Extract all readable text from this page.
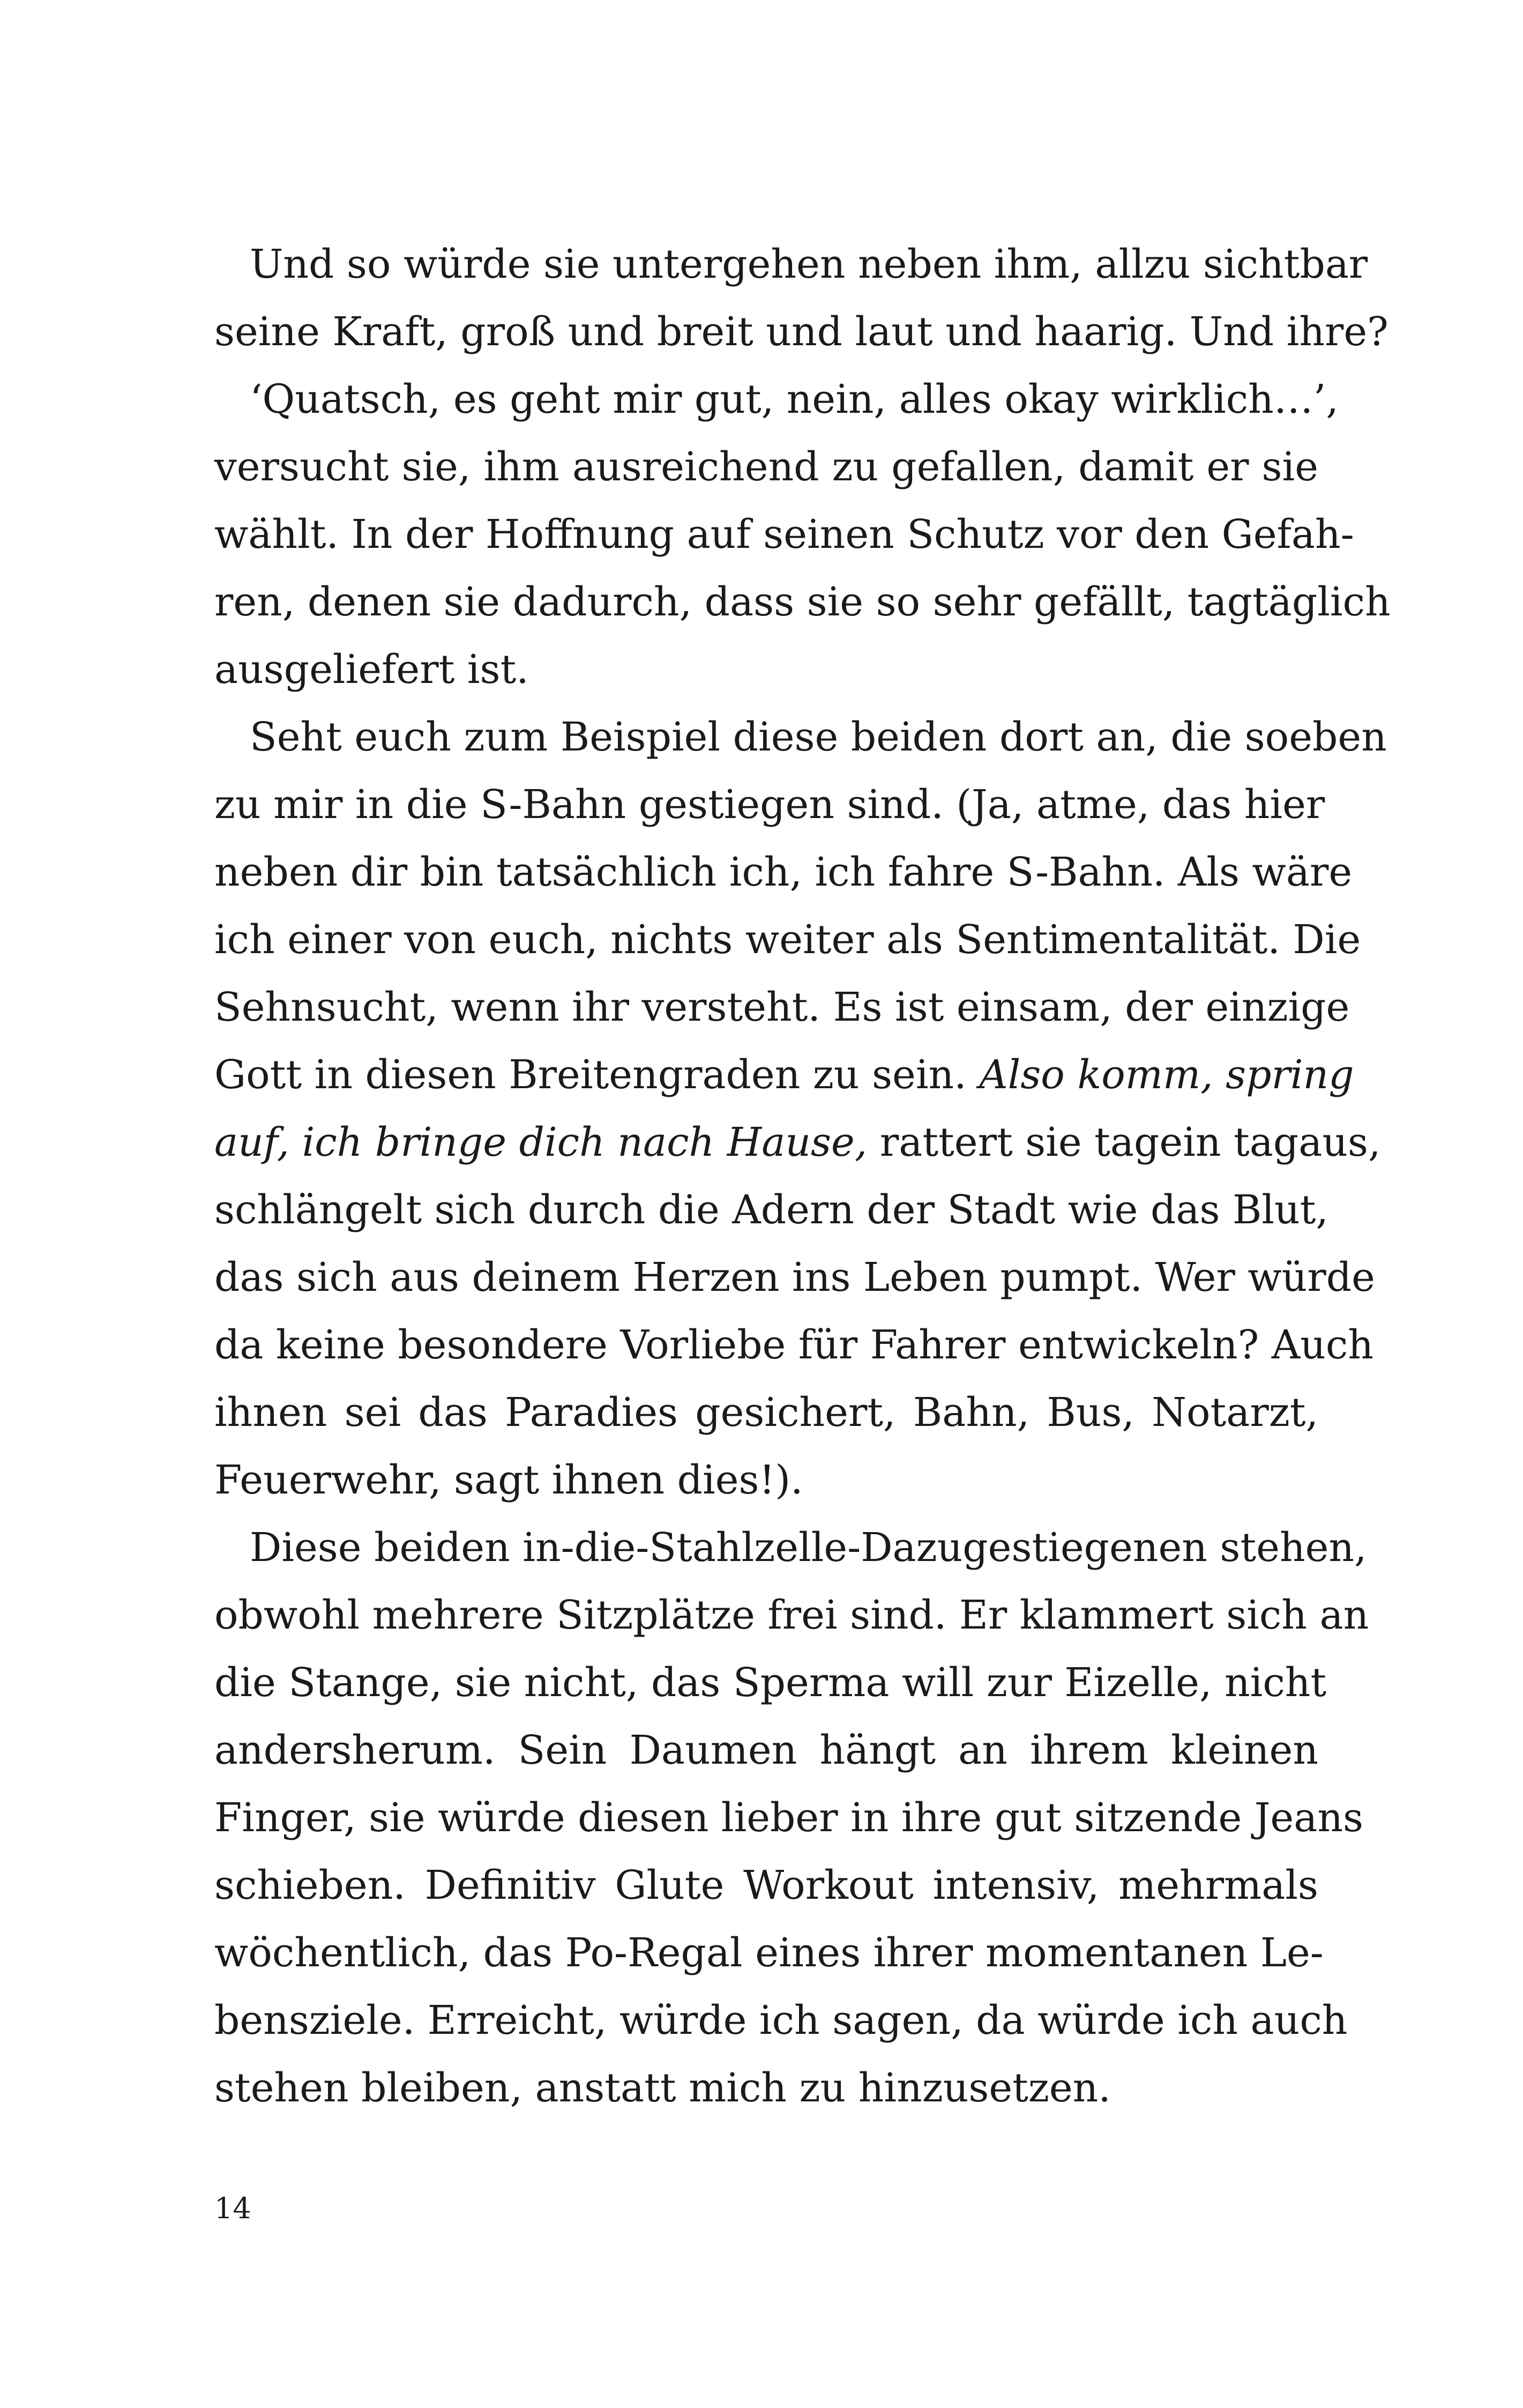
Und so würde sie untergehen neben ihm, allzu sichtbar
seine Kraft, groß und breit und laut und haarig. Und ihre?
‘Quatsch, es geht mir gut, nein, alles okay wirklich…’,
versucht sie, ihm ausreichend zu gefallen, damit er sie
wählt. In der Hoffnung auf seinen Schutz vor den Gefah-
ren, denen sie dadurch, dass sie so sehr gefällt, tagtäglich
ausgeliefert ist.
Seht euch zum Beispiel diese beiden dort an, die soeben
zu mir in die S-Bahn gestiegen sind. (Ja, atme, das hier
neben dir bin tatsächlich ich, ich fahre S-Bahn. Als wäre
ich einer von euch, nichts weiter als Sentimentalität. Die
Sehnsucht, wenn ihr versteht. Es ist einsam, der einzige
Gott in diesen Breitengraden zu sein. Also komm, spring
auf, ich bringe dich nach Hause, rattert sie tagein tagaus,
schlängelt sich durch die Adern der Stadt wie das Blut,
das sich aus deinem Herzen ins Leben pumpt. Wer würde
da keine besondere Vorliebe für Fahrer entwickeln? Auch
ihnen sei das Paradies gesichert, Bahn, Bus, Notarzt,
Feuerwehr, sagt ihnen dies!).
Diese beiden in-die-Stahlzelle-Dazugestiegenen stehen,
obwohl mehrere Sitzplätze frei sind. Er klammert sich an
die Stange, sie nicht, das Sperma will zur Eizelle, nicht
andersherum. Sein Daumen hängt an ihrem kleinen
Finger, sie würde diesen lieber in ihre gut sitzende Jeans
schieben. Definitiv Glute Workout intensiv, mehrmals
wöchentlich, das Po-Regal eines ihrer momentanen Le-
bensziele. Erreicht, würde ich sagen, da würde ich auch
stehen bleiben, anstatt mich zu hinzusetzen.
14
